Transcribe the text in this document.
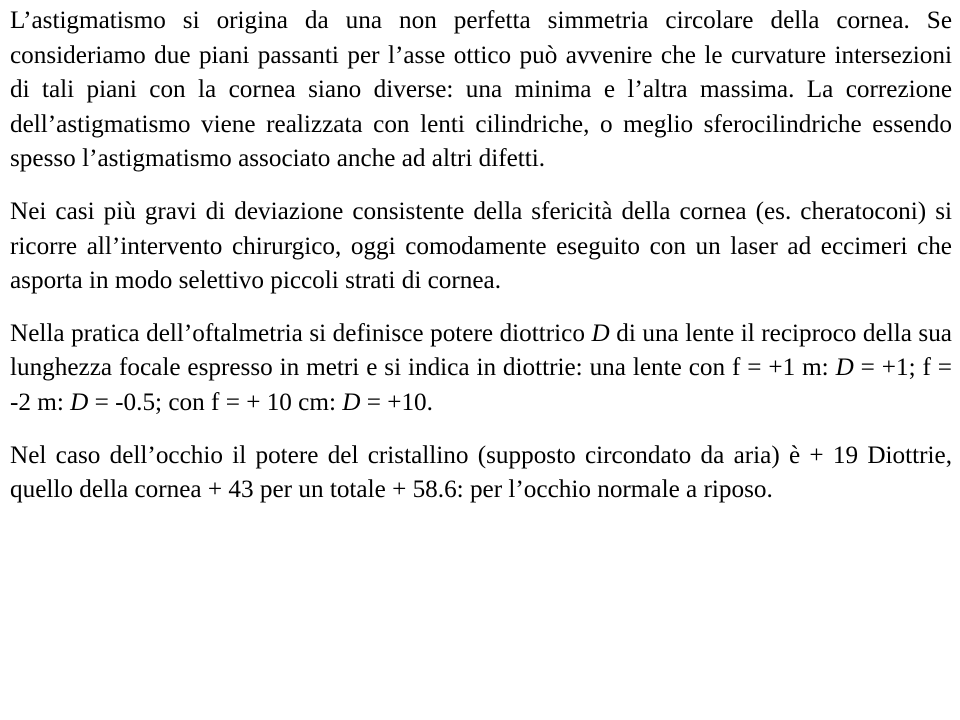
L’astigmatismo si origina da una non perfetta simmetria circolare della cornea. Se consideriamo due piani passanti per l’asse ottico può avvenire che le curvature intersezioni di tali piani con la cornea siano diverse: una minima e l’altra massima. La correzione dell’astigmatismo viene realizzata con lenti cilindriche, o meglio sferocilindriche essendo spesso l’astigmatismo associato anche ad altri difetti.

Nei casi più gravi di deviazione consistente della sfericità della cornea (es. cheratoconi) si ricorre all’intervento chirurgico, oggi comodamente eseguito con un laser ad eccimeri che asporta in modo selettivo piccoli strati di cornea.

Nella pratica dell’oftalmetria si definisce potere diottrico D di una lente il reciproco della sua lunghezza focale espresso in metri e si indica in diottrie: una lente con f = +1 m: D = +1; f = -2 m: D = -0.5; con f = + 10 cm: D = +10.

Nel caso dell’occhio il potere del cristallino (supposto circondato da aria) è + 19 Diottrie, quello della cornea + 43 per un totale + 58.6: per l’occhio normale a riposo.
